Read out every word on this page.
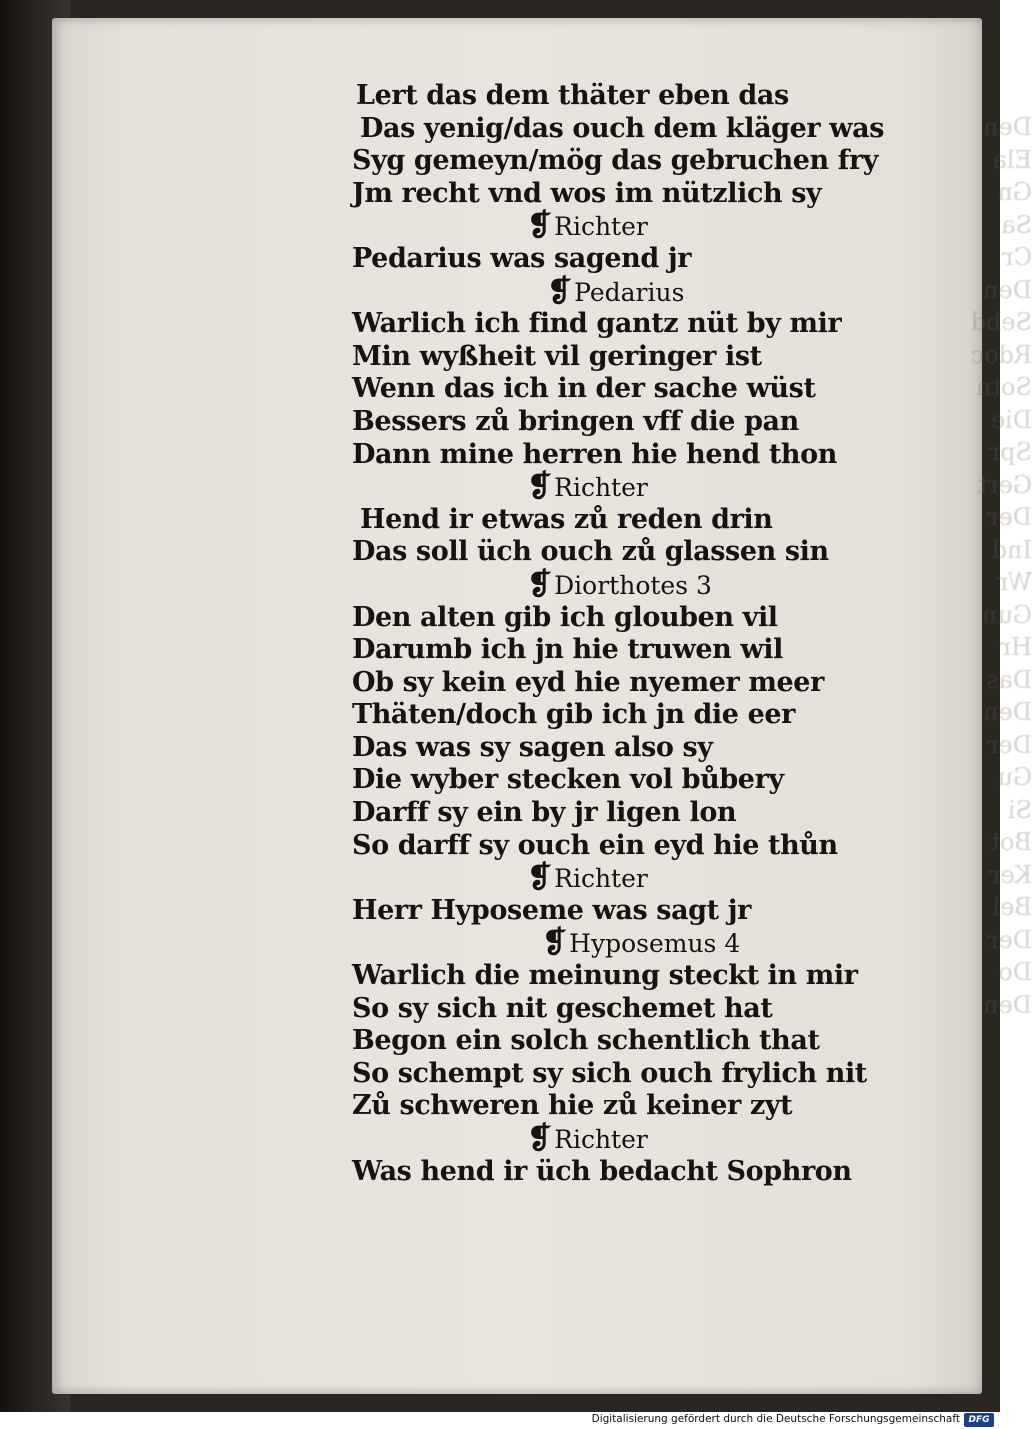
Den
Ela
Gn
Sa
Cr
Den
Sebd
Rdoc
Sotn
Die
Spr
Gert
Der
Ind
Wr
Gun
Hr
Das
Den
Der
Gu
Si
Bot
Ker
Bel
Der
Do
Den
Lert das dem thäter eben das
Das yenig/das ouch dem kläger was
Syg gemeyn/mög das gebruchen fry
Jm recht vnd wos im nützlich sy
❡Richter
Pedarius was sagend jr
❡Pedarius
Warlich ich find gantz nüt by mir
Min wyßheit vil geringer ist
Wenn das ich in der sache wüst
Bessers zů bringen vff die pan
Dann mine herren hie hend thon
❡Richter
Hend ir etwas zů reden drin
Das soll üch ouch zů glassen sin
❡Diorthotes 3
Den alten gib ich glouben vil
Darumb ich jn hie truwen wil
Ob sy kein eyd hie nyemer meer
Thäten/doch gib ich jn die eer
Das was sy sagen also sy
Die wyber stecken vol bůbery
Darff sy ein by jr ligen lon
So darff sy ouch ein eyd hie thůn
❡Richter
Herr Hyposeme was sagt jr
❡Hyposemus 4
Warlich die meinung steckt in mir
So sy sich nit geschemet hat
Begon ein solch schentlich that
So schempt sy sich ouch frylich nit
Zů schweren hie zů keiner zyt
❡Richter
Was hend ir üch bedacht Sophron
Digitalisierung gefördert durch die Deutsche Forschungsgemeinschaft DFG
